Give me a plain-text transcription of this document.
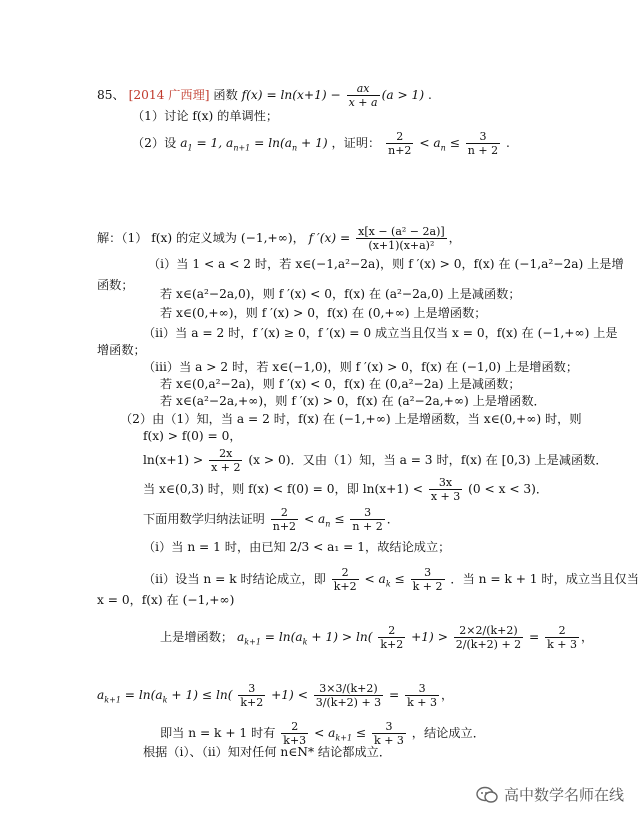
85、 [2014 广西理] 函数 $f(x) = \ln(x+1) - \frac{ax}{x + a} (a > 1)$ .
（1）讨论 f(x) 的单调性；
（2）设 $a_1 = 1$, $a_{n+1} = \ln(a_n + 1)$ ，证明： $\frac{2}{n+2} < a_n \le \frac{3}{n + 2}$ .
解：（1） f(x) 的定义域为 (−1,+∞)， f $'(x) = \frac{\text{x[x − (a² − 2a)]}}{\text{(x+1)(x+a)²}}$ ，
（i）当 1 < a < 2 时，若 x∈(−1,a²−2a)，则 f ′(x) > 0，f(x) 在 (−1,a²−2a) 上是增
函数；
若 x∈(a²−2a,0)，则 f ′(x) < 0，f(x) 在 (a²−2a,0) 上是减函数；
若 x∈(0,+∞)，则 f ′(x) > 0，f(x) 在 (0,+∞) 上是增函数；
（ii）当 a = 2 时，f ′(x) ≥ 0，f ′(x) = 0 成立当且仅当 x = 0，f(x) 在 (−1,+∞) 上是
增函数；
（iii）当 a > 2 时，若 x∈(−1,0)，则 f ′(x) > 0，f(x) 在 (−1,0) 上是增函数；
若 x∈(0,a²−2a)，则 f ′(x) < 0，f(x) 在 (0,a²−2a) 上是减函数；
若 x∈(a²−2a,+∞)，则 f ′(x) > 0，f(x) 在 (a²−2a,+∞) 上是增函数．
（2）由（1）知，当 a = 2 时，f(x) 在 (−1,+∞) 上是增函数，当 x∈(0,+∞) 时，则
f(x) > f(0) = 0，
$\ln(x+1) > \frac{2x}{x + 2} (x > 0)$．又由（1）知，当 a = 3 时，f(x) 在 [0,3) 上是减函数．
当 x∈(0,3) 时，则 f(x) < f(0) = 0，即 $\ln(x+1) < \frac{3x}{x + 3} (0 < x < 3)$．
下面用数学归纳法证明 $\frac{2}{n+2} < a_n \le \frac{3}{n + 2}$ ．
（i）当 n = 1 时，由已知 2/3 < a₁ = 1，故结论成立；
（ii）设当 n = k 时结论成立，即 $\frac{2}{k+2} < a_k \le \frac{3}{k + 2}$ ．当 n = k + 1 时，成立当且仅当
x = 0，f(x) 在 (−1,+∞)
上是增函数； $a_{k+1} = \ln(a_k + 1) > \ln( \frac{2}{k+2} +1) > \frac{2\times 2/(k+2)}{2/(k+2) + 2} = \frac{2}{k + 3}$ ，
$a_{k+1} = \ln(a_k + 1) \le \ln( \frac{3}{k+2} +1) < \frac{3\times 3/(k+2)}{3/(k+2) + 3} = \frac{3}{k + 3}$ ，
即当 n = k + 1 时有 $\frac{2}{k+3} < a_{k+1} \le \frac{3}{k + 3}$ ，结论成立．
根据（i）、（ii）知对任何 n∈N* 结论都成立．
高中数学名师在线
